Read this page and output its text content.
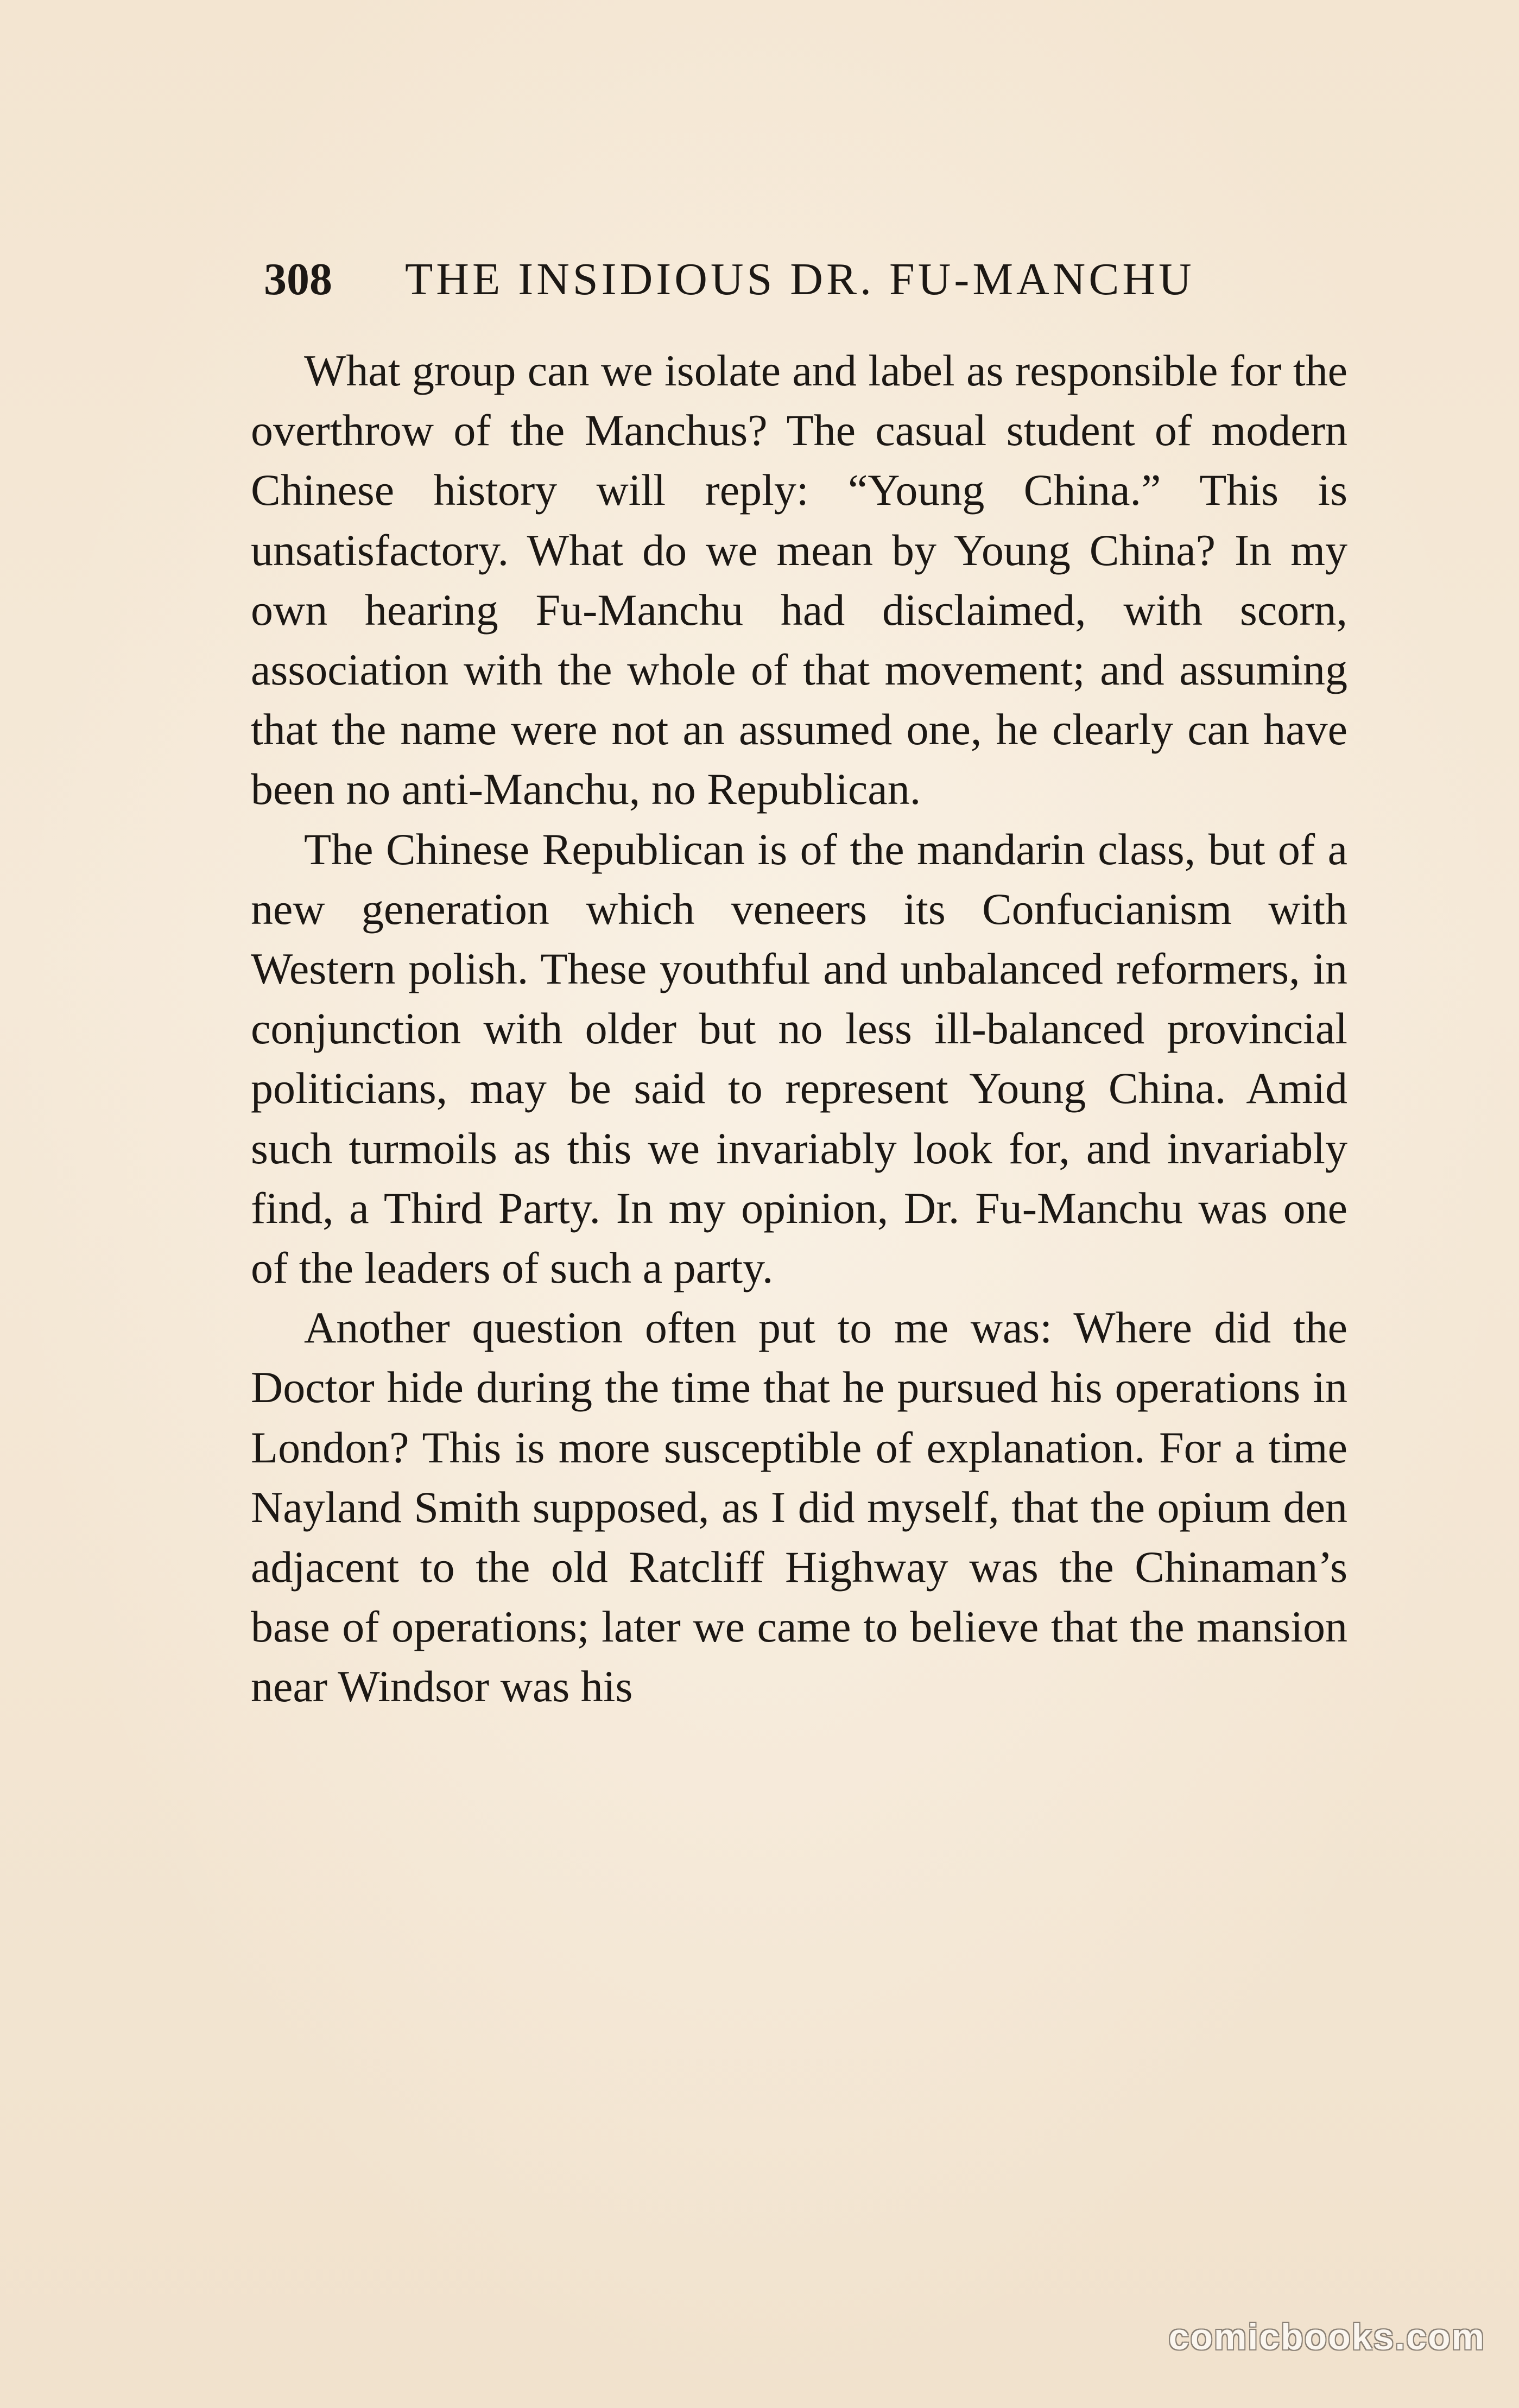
308 THE INSIDIOUS DR. FU-MANCHU

What group can we isolate and label as responsible for the overthrow of the Manchus? The casual student of modern Chinese history will reply: “Young China.” This is unsatisfactory. What do we mean by Young China? In my own hearing Fu-Manchu had disclaimed, with scorn, association with the whole of that movement; and assuming that the name were not an assumed one, he clearly can have been no anti-Manchu, no Republican.

The Chinese Republican is of the mandarin class, but of a new generation which veneers its Confucianism with Western polish. These youthful and unbalanced reformers, in conjunction with older but no less ill-balanced provincial politicians, may be said to represent Young China. Amid such turmoils as this we invariably look for, and invariably find, a Third Party. In my opinion, Dr. Fu-Manchu was one of the leaders of such a party.

Another question often put to me was: Where did the Doctor hide during the time that he pursued his operations in London? This is more susceptible of explanation. For a time Nayland Smith supposed, as I did myself, that the opium den adjacent to the old Ratcliff Highway was the Chinaman’s base of operations; later we came to believe that the mansion near Windsor was his

comicbooks.com
